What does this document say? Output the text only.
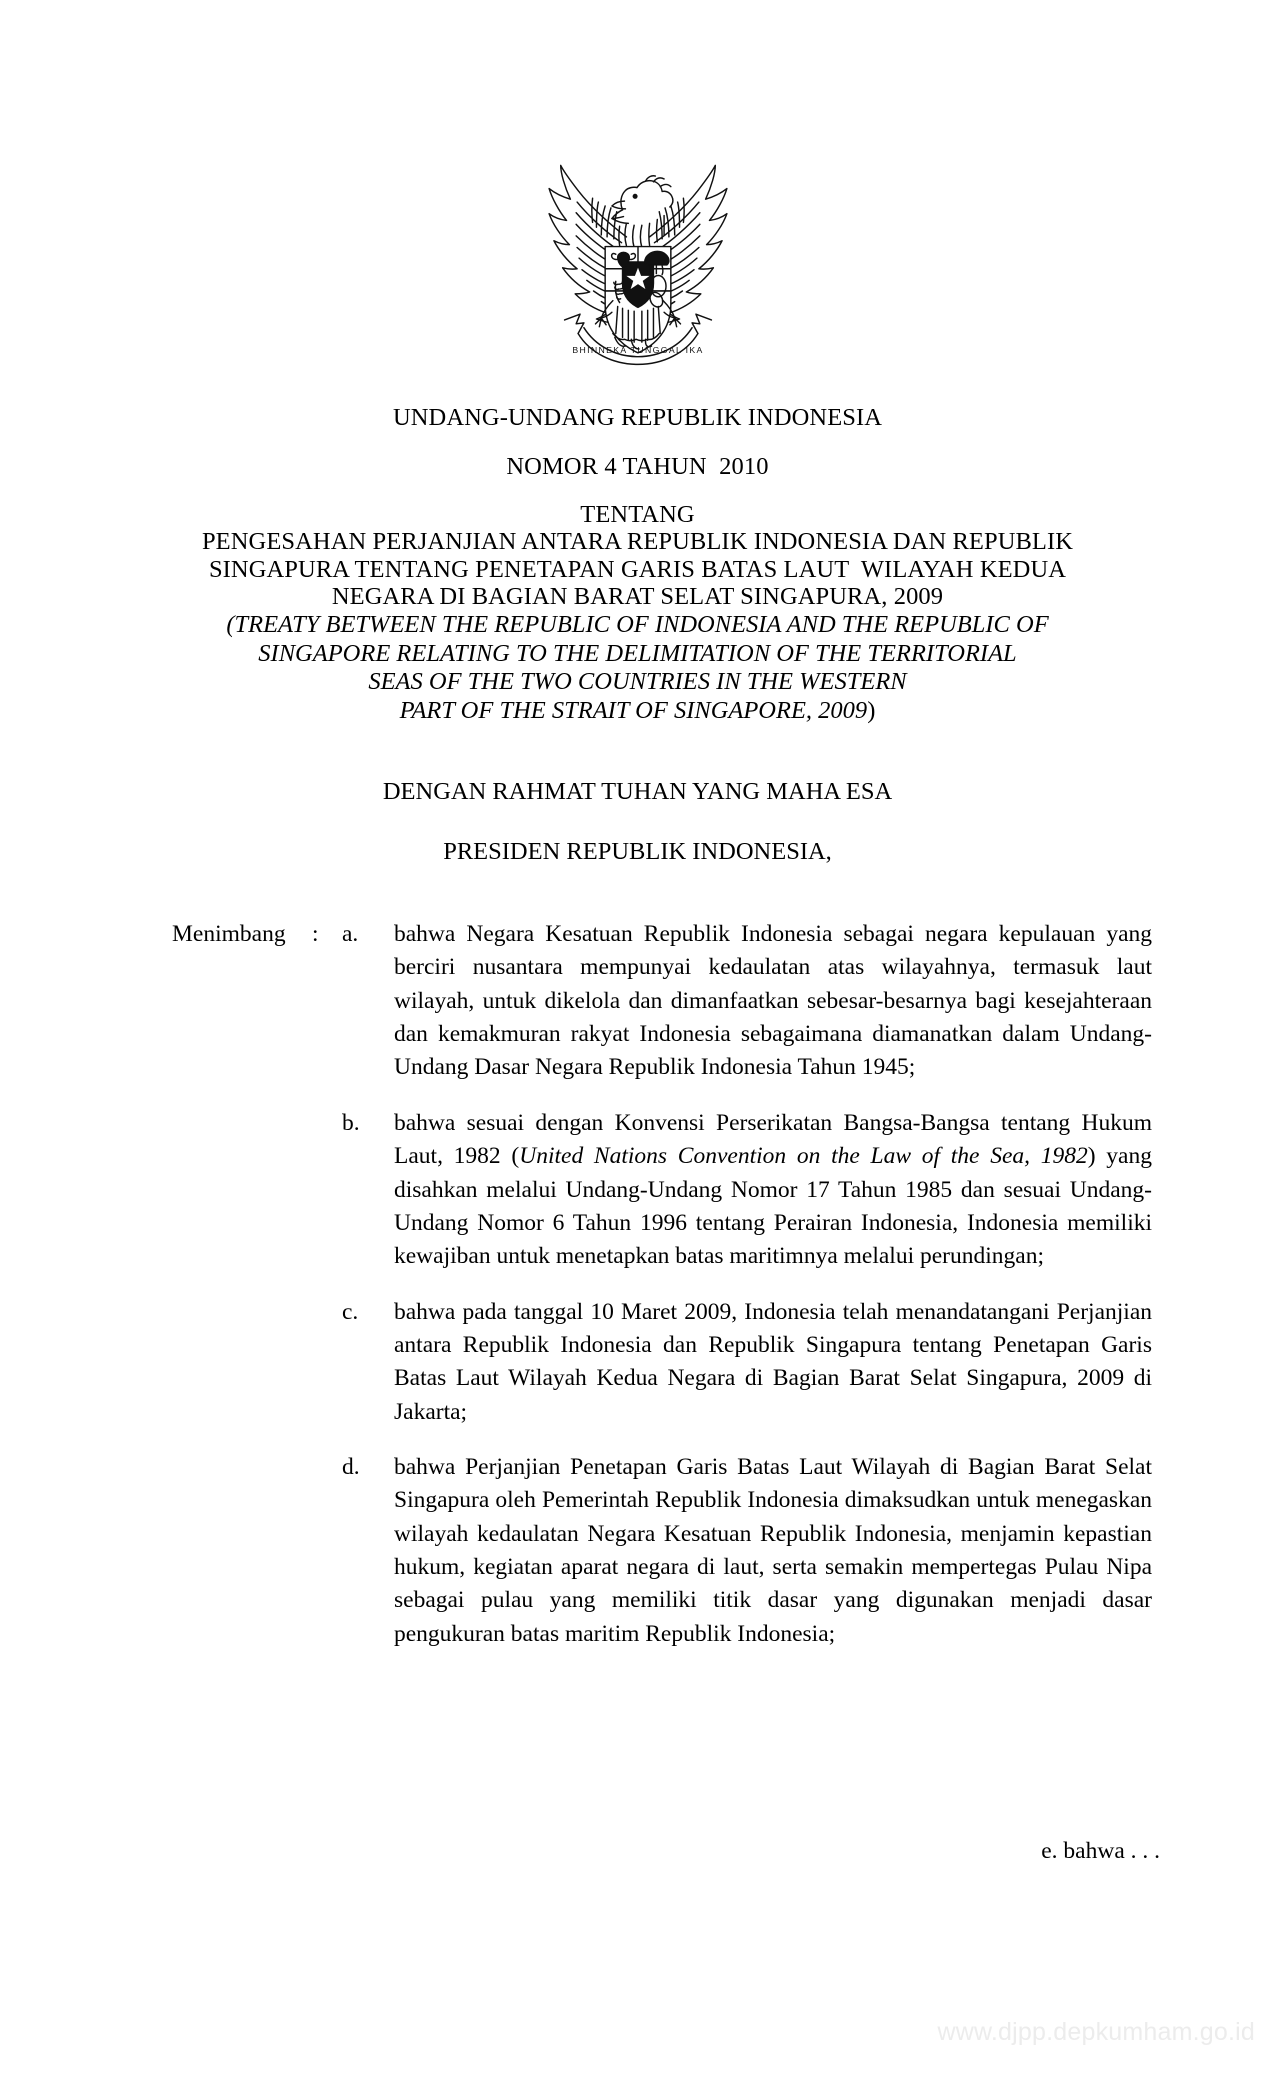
BHINNEKA TUNGGAL IKA
UNDANG-UNDANG REPUBLIK INDONESIA
NOMOR 4 TAHUN  2010
TENTANG
PENGESAHAN PERJANJIAN ANTARA REPUBLIK INDONESIA DAN REPUBLIK
SINGAPURA TENTANG PENETAPAN GARIS BATAS LAUT  WILAYAH KEDUA
NEGARA DI BAGIAN BARAT SELAT SINGAPURA, 2009
(TREATY BETWEEN THE REPUBLIC OF INDONESIA AND THE REPUBLIC OF
SINGAPORE RELATING TO THE DELIMITATION OF THE TERRITORIAL
SEAS OF THE TWO COUNTRIES IN THE WESTERN
PART OF THE STRAIT OF SINGAPORE, 2009)
DENGAN RAHMAT TUHAN YANG MAHA ESA
PRESIDEN REPUBLIK INDONESIA,
Menimbang	: a.	bahwa Negara Kesatuan Republik Indonesia sebagai negara kepulauan yang berciri nusantara mempunyai kedaulatan atas wilayahnya, termasuk laut wilayah, untuk dikelola dan dimanfaatkan sebesar-besarnya bagi kesejahteraan dan kemakmuran rakyat Indonesia sebagaimana diamanatkan dalam Undang-Undang Dasar Negara Republik Indonesia Tahun 1945;
b.	bahwa sesuai dengan Konvensi Perserikatan Bangsa-Bangsa tentang Hukum Laut, 1982 (United Nations Convention on the Law of the Sea, 1982) yang disahkan melalui Undang-Undang Nomor 17 Tahun 1985 dan sesuai Undang-Undang Nomor 6 Tahun 1996 tentang Perairan Indonesia, Indonesia memiliki kewajiban untuk menetapkan batas maritimnya melalui perundingan;
c.	bahwa pada tanggal 10 Maret 2009, Indonesia telah menandatangani Perjanjian antara Republik Indonesia dan Republik Singapura tentang Penetapan Garis Batas Laut Wilayah Kedua Negara di Bagian Barat Selat Singapura, 2009 di Jakarta;
d.	bahwa Perjanjian Penetapan Garis Batas Laut Wilayah di Bagian Barat Selat Singapura oleh Pemerintah Republik Indonesia dimaksudkan untuk menegaskan wilayah kedaulatan Negara Kesatuan Republik Indonesia, menjamin kepastian hukum, kegiatan aparat negara di laut, serta semakin mempertegas Pulau Nipa sebagai pulau yang memiliki titik dasar yang digunakan menjadi dasar pengukuran batas maritim Republik Indonesia;
e. bahwa . . .
www.djpp.depkumham.go.id
